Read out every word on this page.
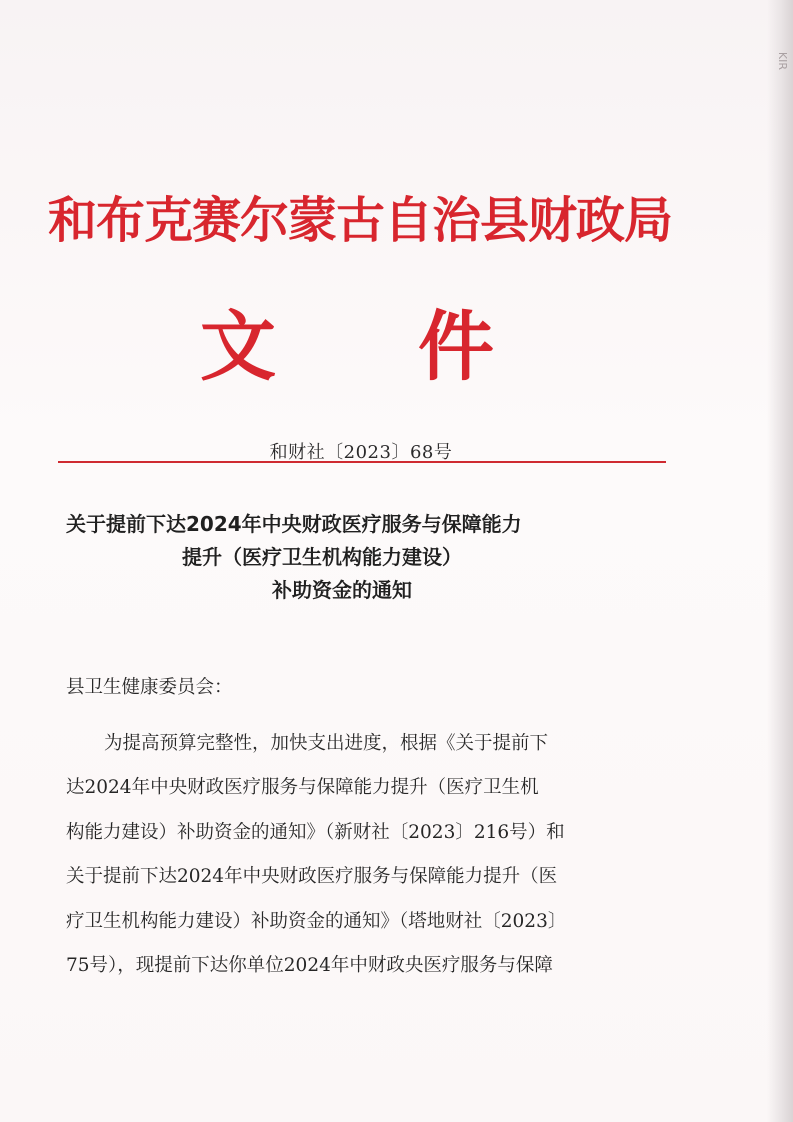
KIR
和布克赛尔蒙古自治县财政局
文 件
和财社〔2023〕68号
关于提前下达2024年中央财政医疗服务与保障能力
提升（医疗卫生机构能力建设）
补助资金的通知
县卫生健康委员会：
为提高预算完整性，加快支出进度，根据《关于提前下
达2024年中央财政医疗服务与保障能力提升（医疗卫生机
构能力建设）补助资金的通知》（新财社〔2023〕216号）和
关于提前下达2024年中央财政医疗服务与保障能力提升（医
疗卫生机构能力建设）补助资金的通知》（塔地财社〔2023〕
75号），现提前下达你单位2024年中财政央医疗服务与保障
